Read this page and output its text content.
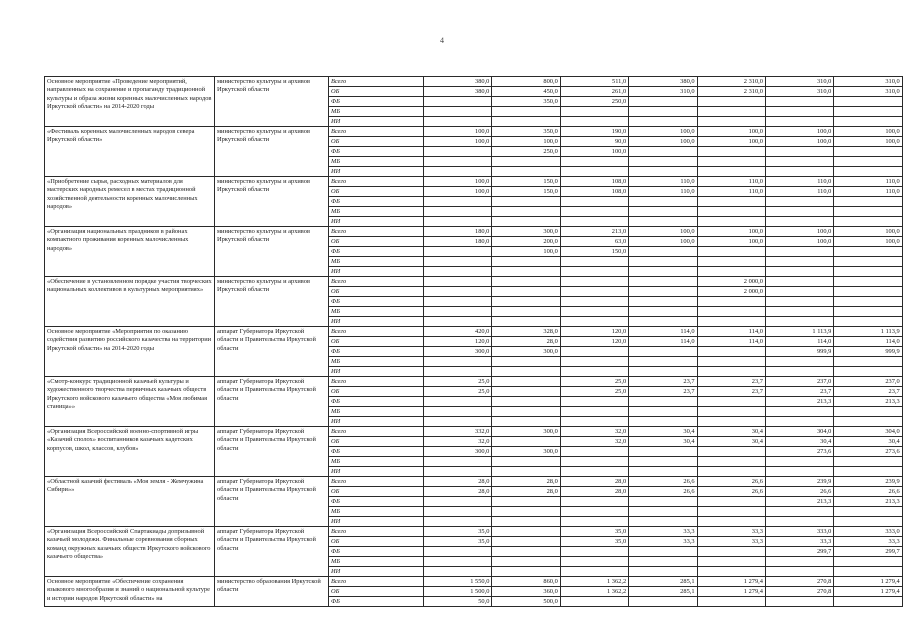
4
Основное мероприятие «Проведение мероприятий, направленных на сохранение и пропаганду традиционной культуры и образа жизни коренных малочисленных народов Иркутской области» на 2014-2020 годы	министерство культуры и архивов Иркутской области	Всего	380,0	800,0	511,0	380,0	2 310,0	310,0	310,0
		ОБ	380,0	450,0	261,0	310,0	2 310,0	310,0	310,0
		ФБ		350,0	250,0				
		МБ							
		ИИ							
«Фестиваль коренных малочисленных народов севера Иркутской области»	министерство культуры и архивов Иркутской области	Всего	100,0	350,0	190,0	100,0	100,0	100,0	100,0
		ОБ	100,0	100,0	90,0	100,0	100,0	100,0	100,0
		ФБ		250,0	100,0				
		МБ							
		ИИ							
«Приобретение сырья, расходных материалов для мастерских народных ремесел в местах традиционной хозяйственной деятельности коренных малочисленных народов»	министерство культуры и архивов Иркутской области	Всего	100,0	150,0	108,0	110,0	110,0	110,0	110,0
		ОБ	100,0	150,0	108,0	110,0	110,0	110,0	110,0
		ФБ							
		МБ							
		ИИ							
«Организация национальных праздников в районах компактного проживания коренных малочисленных народов»	министерство культуры и архивов Иркутской области	Всего	180,0	300,0	213,0	100,0	100,0	100,0	100,0
		ОБ	180,0	200,0	63,0	100,0	100,0	100,0	100,0
		ФБ		100,0	150,0				
		МБ							
		ИИ							
«Обеспечение в установленном порядке участия творческих национальных коллективов в культурных мероприятиях»	министерство культуры и архивов Иркутской области	Всего					2 000,0		
		ОБ					2 000,0		
		ФБ							
		МБ							
		ИИ							
Основное мероприятие «Мероприятия по оказанию содействия развитию российского казачества на территории Иркутской области» на 2014-2020 годы	аппарат Губернатора Иркутской области и Правительства Иркутской области	Всего	420,0	328,0	120,0	114,0	114,0	1 113,9	1 113,9
		ОБ	120,0	28,0	120,0	114,0	114,0	114,0	114,0
		ФБ	300,0	300,0				999,9	999,9
		МБ							
		ИИ							
«Смотр-конкурс традиционной казачьей культуры и художественного творчества первичных казачьих обществ Иркутского войскового казачьего общества «Моя любимая станица»»	аппарат Губернатора Иркутской области и Правительства Иркутской области	Всего	25,0		25,0	23,7	23,7	237,0	237,0
		ОБ	25,0		25,0	23,7	23,7	23,7	23,7
		ФБ						213,3	213,3
		МБ							
		ИИ							
«Организация Всероссийской военно-спортивной игры «Казачий сполох» воспитанников казачьих кадетских корпусов, школ, классов, клубов»	аппарат Губернатора Иркутской области и Правительства Иркутской области	Всего	332,0	300,0	32,0	30,4	30,4	304,0	304,0
		ОБ	32,0		32,0	30,4	30,4	30,4	30,4
		ФБ	300,0	300,0				273,6	273,6
		МБ							
		ИИ							
«Областной казачий фестиваль «Моя земля - Жемчужина Сибири»»	аппарат Губернатора Иркутской области и Правительства Иркутской области	Всего	28,0	28,0	28,0	26,6	26,6	239,9	239,9
		ОБ	28,0	28,0	28,0	26,6	26,6	26,6	26,6
		ФБ						213,3	213,3
		МБ							
		ИИ							
«Организация Всероссийской Спартакиады допризывной казачьей молодежи. Финальные соревнования сборных команд окружных казачьих обществ Иркутского войскового казачьего общества»	аппарат Губернатора Иркутской области и Правительства Иркутской области	Всего	35,0		35,0	33,3	33,3	333,0	333,0
		ОБ	35,0		35,0	33,3	33,3	33,3	33,3
		ФБ						299,7	299,7
		МБ							
		ИИ							
Основное мероприятие «Обеспечение сохранения языкового многообразия и знаний о национальной культуре и истории народов Иркутской области» на	министерство образования Иркутской области	Всего	1 550,0	860,0	1 362,2	285,1	1 279,4	270,8	1 279,4
		ОБ	1 500,0	360,0	1 362,2	285,1	1 279,4	270,8	1 279,4
		ФБ	50,0	500,0					
